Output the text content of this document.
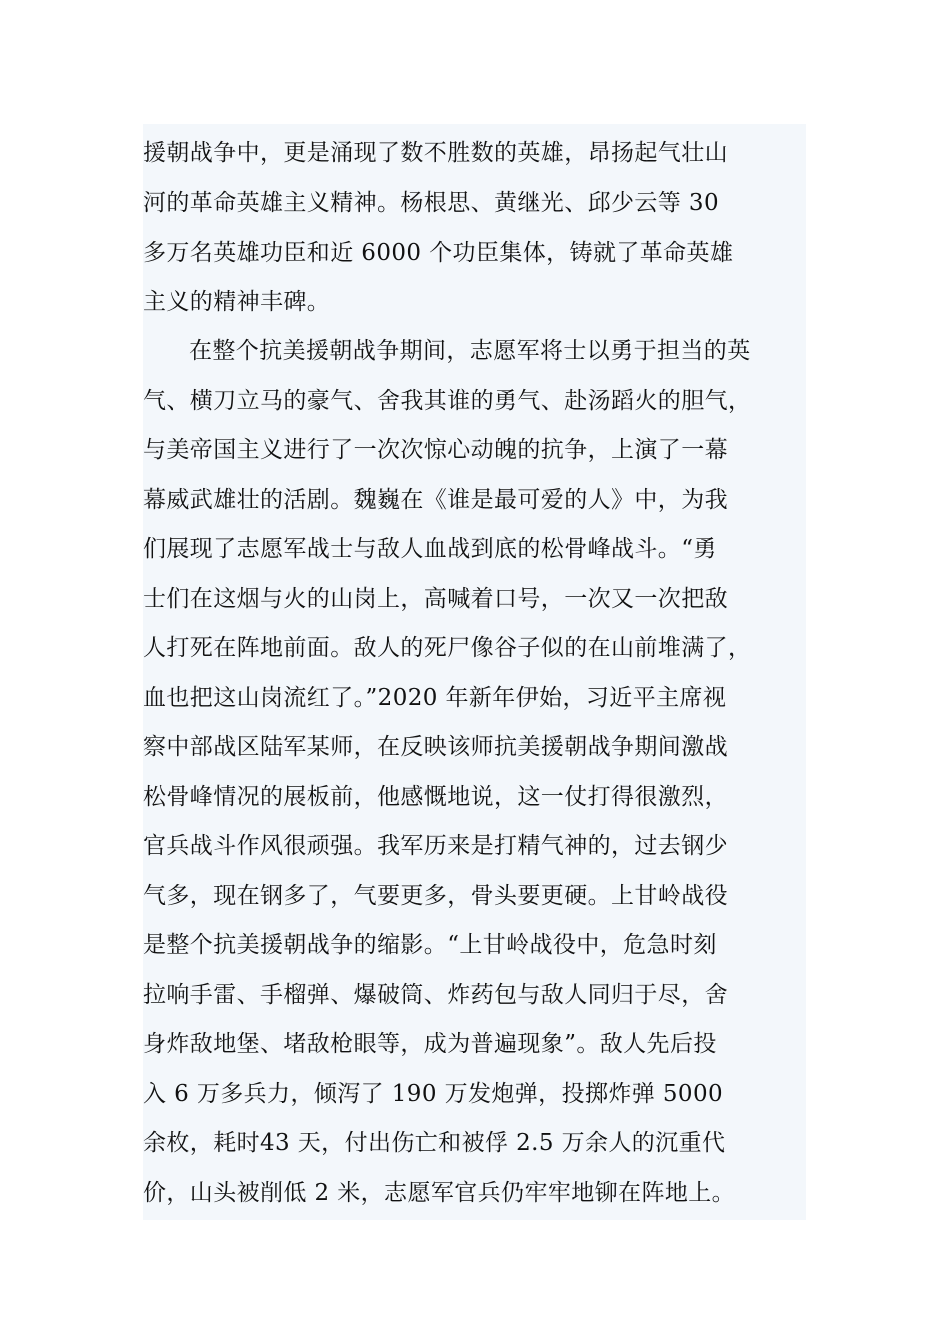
援朝战争中，更是涌现了数不胜数的英雄，昂扬起气壮山
河的革命英雄主义精神。杨根思、黄继光、邱少云等 30
多万名英雄功臣和近 6000 个功臣集体，铸就了革命英雄
主义的精神丰碑。
在整个抗美援朝战争期间，志愿军将士以勇于担当的英
气、横刀立马的豪气、舍我其谁的勇气、赴汤蹈火的胆气，
与美帝国主义进行了一次次惊心动魄的抗争，上演了一幕
幕威武雄壮的活剧。魏巍在《谁是最可爱的人》中，为我
们展现了志愿军战士与敌人血战到底的松骨峰战斗。“勇
士们在这烟与火的山岗上，高喊着口号，一次又一次把敌
人打死在阵地前面。敌人的死尸像谷子似的在山前堆满了，
血也把这山岗流红了。”2020 年新年伊始，习近平主席视
察中部战区陆军某师，在反映该师抗美援朝战争期间激战
松骨峰情况的展板前，他感慨地说，这一仗打得很激烈，
官兵战斗作风很顽强。我军历来是打精气神的，过去钢少
气多，现在钢多了，气要更多，骨头要更硬。上甘岭战役
是整个抗美援朝战争的缩影。“上甘岭战役中，危急时刻
拉响手雷、手榴弹、爆破筒、炸药包与敌人同归于尽，舍
身炸敌地堡、堵敌枪眼等，成为普遍现象”。敌人先后投
入 6 万多兵力，倾泻了 190 万发炮弹，投掷炸弹 5000
余枚，耗时43 天，付出伤亡和被俘 2.5 万余人的沉重代
价，山头被削低 2 米，志愿军官兵仍牢牢地铆在阵地上。
